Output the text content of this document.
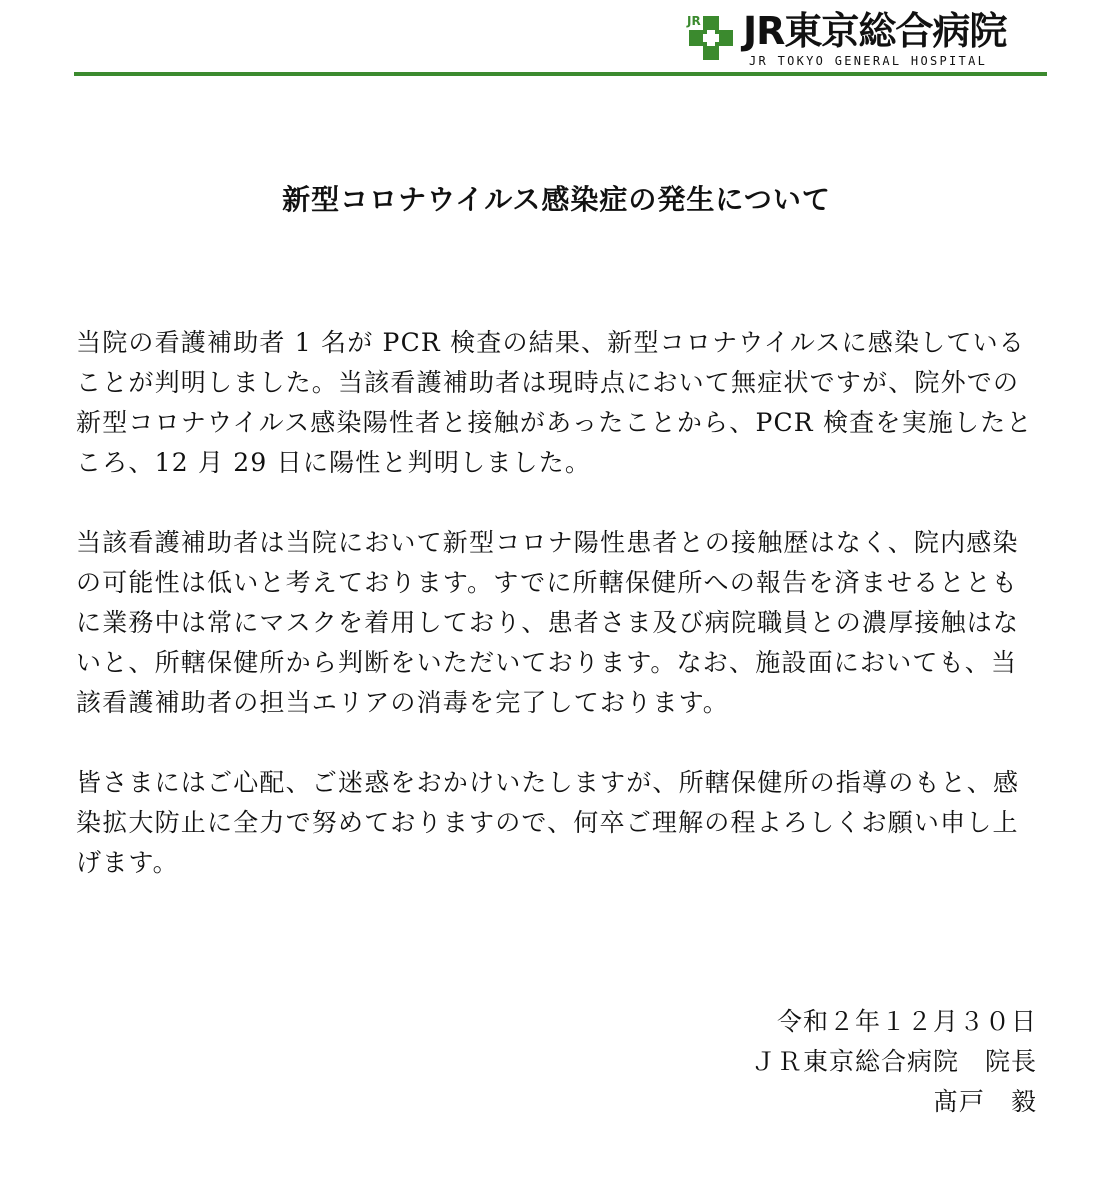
JR JR東京総合病院
JR TOKYO GENERAL HOSPITAL
新型コロナウイルス感染症の発生について

当院の看護補助者 1 名が PCR 検査の結果、新型コロナウイルスに感染していることが判明しました。当該看護補助者は現時点において無症状ですが、院外での新型コロナウイルス感染陽性者と接触があったことから、PCR 検査を実施したところ、12 月 29 日に陽性と判明しました。

当該看護補助者は当院において新型コロナ陽性患者との接触歴はなく、院内感染の可能性は低いと考えております。すでに所轄保健所への報告を済ませるとともに業務中は常にマスクを着用しており、患者さま及び病院職員との濃厚接触はないと、所轄保健所から判断をいただいております。なお、施設面においても、当該看護補助者の担当エリアの消毒を完了しております。

皆さまにはご心配、ご迷惑をおかけいたしますが、所轄保健所の指導のもと、感染拡大防止に全力で努めておりますので、何卒ご理解の程よろしくお願い申し上げます。

令和２年１２月３０日
ＪＲ東京総合病院 院長
髙戸 毅
